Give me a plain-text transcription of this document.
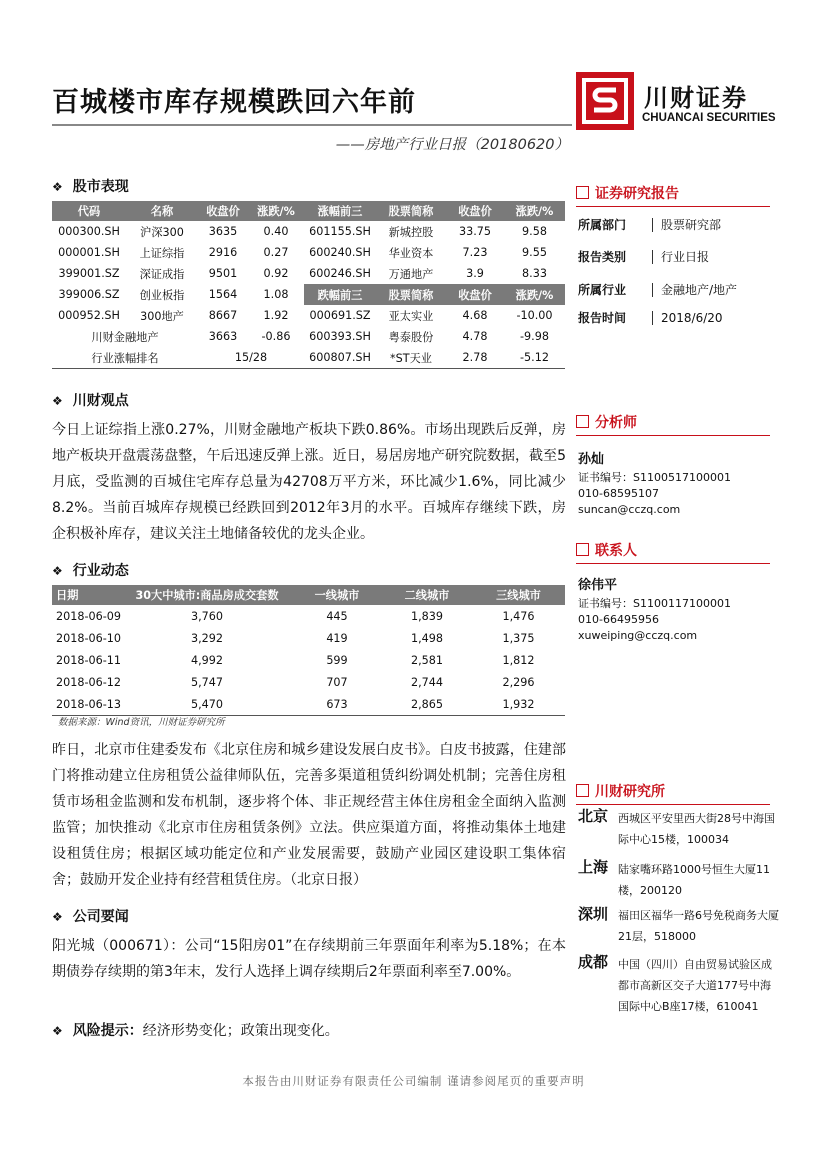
百城楼市库存规模跌回六年前
——房地产行业日报（20180620）
川财证券
CHUANCAI SECURITIES
❖ 股市表现
代码	名称	收盘价	涨跌/%	涨幅前三	股票简称	收盘价	涨跌/%
000300.SH	沪深300	3635	0.40	601155.SH	新城控股	33.75	9.58
000001.SH	上证综指	2916	0.27	600240.SH	华业资本	7.23	9.55
399001.SZ	深证成指	9501	0.92	600246.SH	万通地产	3.9	8.33
399006.SZ	创业板指	1564	1.08	跌幅前三	股票简称	收盘价	涨跌/%
000952.SH	300地产	8667	1.92	000691.SZ	亚太实业	4.68	-10.00
川财金融地产		3663	-0.86	600393.SH	粤泰股份	4.78	-9.98
行业涨幅排名		15/28		600807.SH	*ST天业	2.78	-5.12
❖ 川财观点
今日上证综指上涨0.27%，川财金融地产板块下跌0.86%。市场出现跌后反弹，房地产板块开盘震荡盘整，午后迅速反弹上涨。近日，易居房地产研究院数据，截至5月底，受监测的百城住宅库存总量为42708万平方米，环比减少1.6%，同比减少8.2%。当前百城库存规模已经跌回到2012年3月的水平。百城库存继续下跌，房企积极补库存，建议关注土地储备较优的龙头企业。
❖ 行业动态
日期	30大中城市:商品房成交套数	一线城市	二线城市	三线城市
2018-06-09	3,760	445	1,839	1,476
2018-06-10	3,292	419	1,498	1,375
2018-06-11	4,992	599	2,581	1,812
2018-06-12	5,747	707	2,744	2,296
2018-06-13	5,470	673	2,865	1,932
数据来源：Wind资讯，川财证券研究所
昨日，北京市住建委发布《北京住房和城乡建设发展白皮书》。白皮书披露，住建部门将推动建立住房租赁公益律师队伍，完善多渠道租赁纠纷调处机制；完善住房租赁市场租金监测和发布机制，逐步将个体、非正规经营主体住房租金全面纳入监测监管；加快推动《北京市住房租赁条例》立法。供应渠道方面，将推动集体土地建设租赁住房；根据区域功能定位和产业发展需要，鼓励产业园区建设职工集体宿舍；鼓励开发企业持有经营租赁住房。（北京日报）
❖ 公司要闻
阳光城（000671）：公司“15阳房01”在存续期前三年票面年利率为5.18%；在本期债券存续期的第3年末，发行人选择上调存续期后2年票面利率至7.00%。
❖ 风险提示：经济形势变化；政策出现变化。
证券研究报告
所属部门	股票研究部
报告类别	行业日报
所属行业	金融地产/地产
报告时间	2018/6/20
分析师
孙灿
证书编号：S1100517100001
010-68595107
suncan@cczq.com
联系人
徐伟平
证书编号：S1100117100001
010-66495956
xuweiping@cczq.com
川财研究所
北京 西城区平安里西大街28号中海国际中心15楼，100034
上海 陆家嘴环路1000号恒生大厦11楼，200120
深圳 福田区福华一路6号免税商务大厦21层，518000
成都 中国（四川）自由贸易试验区成都市高新区交子大道177号中海国际中心B座17楼，610041
本报告由川财证券有限责任公司编制 谨请参阅尾页的重要声明
